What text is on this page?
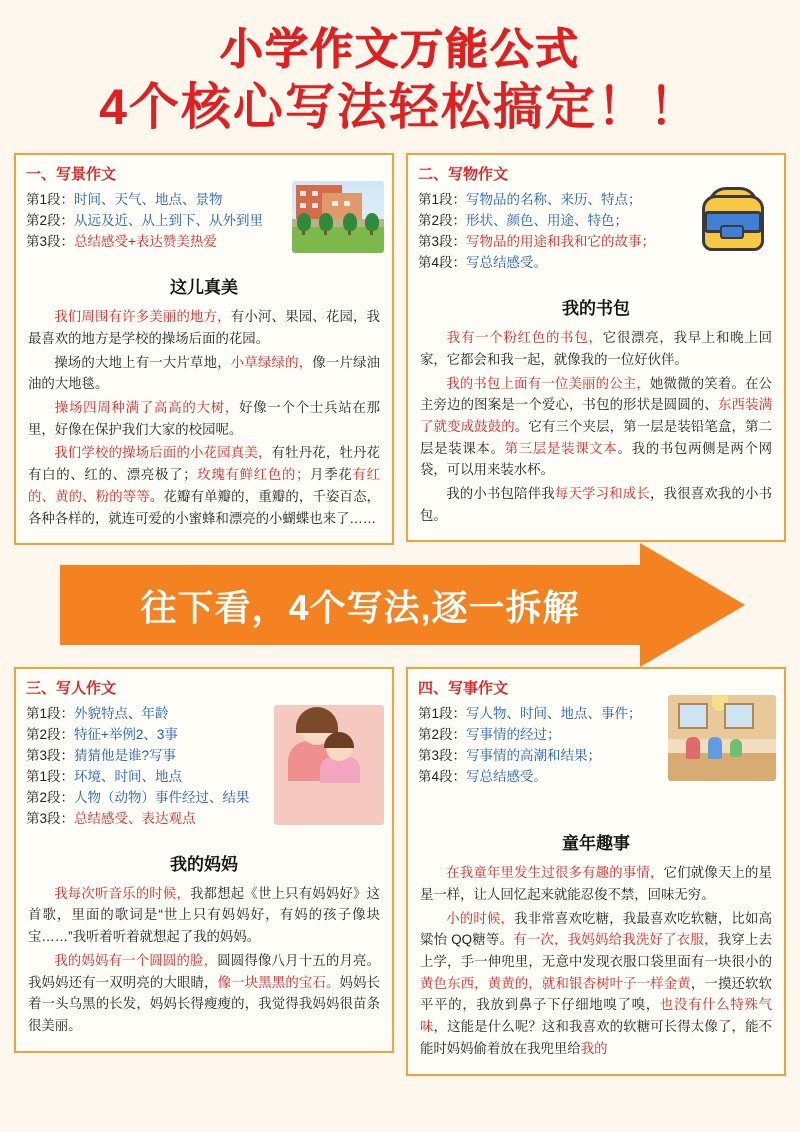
小学作文万能公式
4个核心写法轻松搞定！！
一、写景作文
第1段：时间、天气、地点、景物
第2段：从远及近、从上到下、从外到里
第3段：总结感受+表达赞美热爱
这儿真美

我们周围有许多美丽的地方，有小河、果园、花园，我最喜欢的地方是学校的操场后面的花园。

操场的大地上有一大片草地，小草绿绿的，像一片绿油油的大地毯。

操场四周种满了高高的大树，好像一个个士兵站在那里，好像在保护我们大家的校园呢。

我们学校的操场后面的小花园真美，有牡丹花，牡丹花有白的、红的、漂亮极了；玫瑰有鲜红色的；月季花有红的、黄的、粉的等等。花瓣有单瓣的，重瓣的，千姿百态，各种各样的，就连可爱的小蜜蜂和漂亮的小蝴蝶也来了……

二、写物作文
第1段：写物品的名称、来历、特点；
第2段：形状、颜色、用途、特色；
第3段：写物品的用途和我和它的故事；
第4段：写总结感受。
我的书包

我有一个粉红色的书包，它很漂亮，我早上和晚上回家，它都会和我一起，就像我的一位好伙伴。

我的书包上面有一位美丽的公主，她微微的笑着。在公主旁边的图案是一个爱心，书包的形状是圆圆的、东西装满了就变成鼓鼓的。它有三个夹层，第一层是装铅笔盒，第二层是装课本。第三层是装课文本。我的书包两侧是两个网袋，可以用来装水杯。

我的小书包陪伴我每天学习和成长，我很喜欢我的小书包。

往下看，4个写法,逐一拆解
三、写人作文
第1段：外貌特点、年龄
第2段：特征+举例2、3事
第3段：猜猜他是谁?写事
第1段：环境、时间、地点
第2段：人物（动物）事件经过、结果
第3段：总结感受、表达观点
我的妈妈

我每次听音乐的时候，我都想起《世上只有妈妈好》这首歌，里面的歌词是“世上只有妈妈好，有妈的孩子像块宝……”我听着听着就想起了我的妈妈。

我的妈妈有一个圆圆的脸，圆圆得像八月十五的月亮。我妈妈还有一双明亮的大眼睛，像一块黑黑的宝石。妈妈长着一头乌黑的长发，妈妈长得瘦瘦的，我觉得我妈妈很苗条很美丽。

四、写事作文
第1段：写人物、时间、地点、事件；
第2段：写事情的经过；
第3段：写事情的高潮和结果；
第4段：写总结感受。
童年趣事

在我童年里发生过很多有趣的事情，它们就像天上的星星一样，让人回忆起来就能忍俊不禁，回味无穷。

小的时候，我非常喜欢吃糖，我最喜欢吃软糖，比如高粱怡 QQ糖等。有一次，我妈妈给我洗好了衣服，我穿上去上学，手一伸兜里，无意中发现衣服口袋里面有一块很小的黄色东西，黄黄的，就和银杏树叶子一样金黄，一摸还软软平平的，我放到鼻子下仔细地嗅了嗅，也没有什么特殊气味，这能是什么呢？这和我喜欢的软糖可长得太像了，能不能时妈妈偷着放在我兜里给我的
